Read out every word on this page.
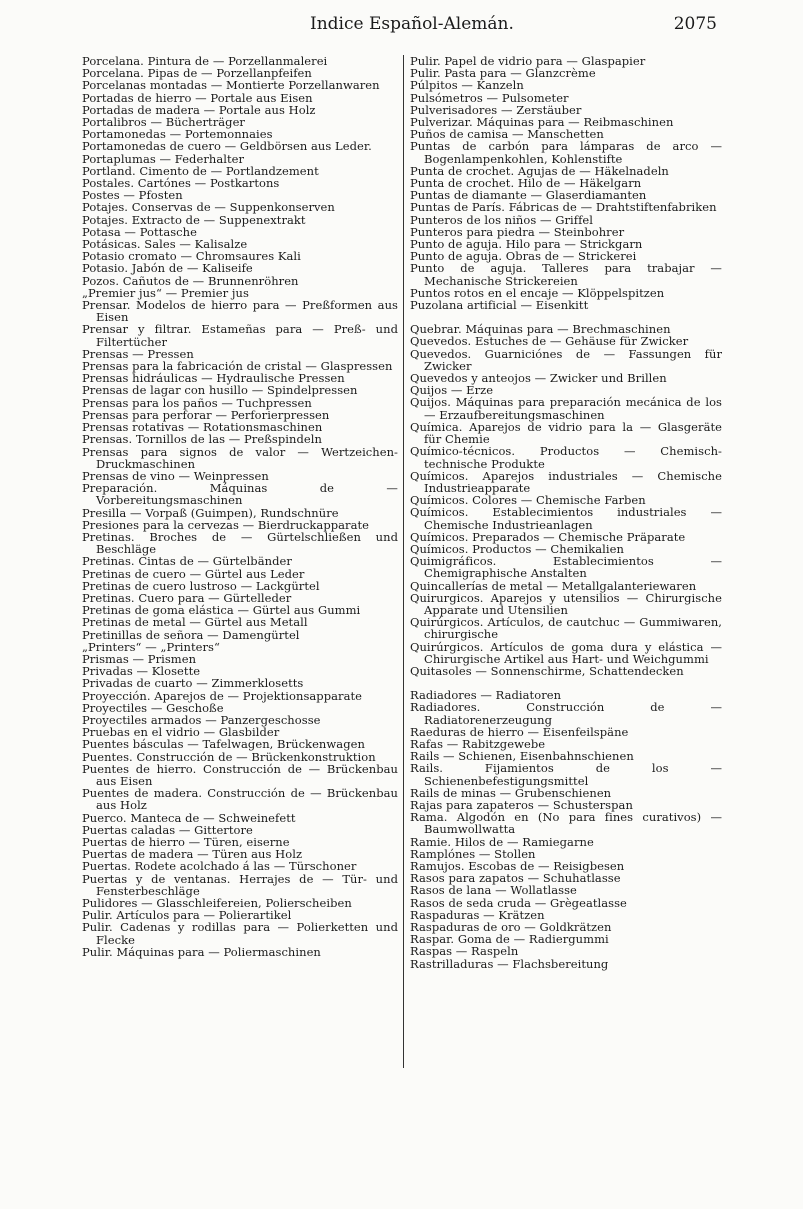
Indice Español-Alemán.	2075
Porcelana. Pintura de — Porzellanmalerei
Porcelana. Pipas de — Porzellanpfeifen
Porcelanas montadas — Montierte Porzellanwaren
Portadas de hierro — Portale aus Eisen
Portadas de madera — Portale aus Holz
Portalibros — Bücherträger
Portamonedas — Portemonnaies
Portamonedas de cuero — Geldbörsen aus Leder.
Portaplumas — Federhalter
Portland. Cimento de — Portlandzement
Postales. Cartónes — Postkartons
Postes — Pfosten
Potajes. Conservas de — Suppenkonserven
Potajes. Extracto de — Suppenextrakt
Potasa — Pottasche
Potásicas. Sales — Kalisalze
Potasio cromato — Chromsaures Kali
Potasio. Jabón de — Kaliseife
Pozos. Cañutos de — Brunnenröhren
„Premier jus“ — Premier jus
Prensar. Modelos de hierro para — Preßformen aus Eisen
Prensar y filtrar. Estameñas para — Preß- und Filtertücher
Prensas — Pressen
Prensas para la fabricación de cristal — Glaspressen
Prensas hidráulicas — Hydraulische Pressen
Prensas de lagar con husillo — Spindelpressen
Prensas para los paños — Tuchpressen
Prensas para perforar — Perforierpressen
Prensas rotativas — Rotationsmaschinen
Prensas. Tornillos de las — Preßspindeln
Prensas para signos de valor — Wertzeichen-Druckmaschinen
Prensas de vino — Weinpressen
Preparación. Máquinas de — Vorbereitungsmaschinen
Presilla — Vorpaß (Guimpen), Rundschnüre
Presiones para la cervezas — Bierdruckapparate
Pretinas. Broches de — Gürtelschließen und Beschläge
Pretinas. Cintas de — Gürtelbänder
Pretinas de cuero — Gürtel aus Leder
Pretinas de cuero lustroso — Lackgürtel
Pretinas. Cuero para — Gürtelleder
Pretinas de goma elástica — Gürtel aus Gummi
Pretinas de metal — Gürtel aus Metall
Pretinillas de señora — Damengürtel
„Printers“ — „Printers“
Prismas — Prismen
Privadas — Klosette
Privadas de cuarto — Zimmerklosetts
Proyección. Aparejos de — Projektionsapparate
Proyectiles — Geschoße
Proyectiles armados — Panzergeschosse
Pruebas en el vidrio — Glasbilder
Puentes básculas — Tafelwagen, Brückenwagen
Puentes. Construcción de — Brückenkonstruktion
Puentes de hierro. Construcción de — Brückenbau aus Eisen
Puentes de madera. Construcción de — Brückenbau aus Holz
Puerco. Manteca de — Schweinefett
Puertas caladas — Gittertore
Puertas de hierro — Türen, eiserne
Puertas de madera — Türen aus Holz
Puertas. Rodete acolchado á las — Türschoner
Puertas y de ventanas. Herrajes de — Tür- und Fensterbeschläge
Pulidores — Glasschleifereien, Polierscheiben
Pulir. Artículos para — Polierartikel
Pulir. Cadenas y rodillas para — Polierketten und Flecke
Pulir. Máquinas para — Poliermaschinen
Pulir. Papel de vidrio para — Glaspapier
Pulir. Pasta para — Glanzcrème
Púlpitos — Kanzeln
Pulsómetros — Pulsometer
Pulverisadores — Zerstäuber
Pulverizar. Máquinas para — Reibmaschinen
Puños de camisa — Manschetten
Puntas de carbón para lámparas de arco — Bogenlampenkohlen, Kohlenstifte
Punta de crochet. Agujas de — Häkelnadeln
Punta de crochet. Hilo de — Häkelgarn
Puntas de diamante — Glaserdiamanten
Puntas de París. Fábricas de — Drahtstiftenfabriken
Punteros de los niños — Griffel
Punteros para piedra — Steinbohrer
Punto de aguja. Hilo para — Strickgarn
Punto de aguja. Obras de — Strickerei
Punto de aguja. Talleres para trabajar — Mechanische Strickereien
Puntos rotos en el encaje — Klöppelspitzen
Puzolana artificial — Eisenkitt
Quebrar. Máquinas para — Brechmaschinen
Quevedos. Estuches de — Gehäuse für Zwicker
Quevedos. Guarniciónes de — Fassungen für Zwicker
Quevedos y anteojos — Zwicker und Brillen
Quijos — Erze
Quijos. Máquinas para preparación mecánica de los — Erzaufbereitungsmaschinen
Química. Aparejos de vidrio para la — Glasgeräte für Chemie
Químico-técnicos. Productos — Chemisch-technische Produkte
Químicos. Aparejos industriales — Chemische Industrieapparate
Químicos. Colores — Chemische Farben
Químicos. Establecimientos industriales — Chemische Industrieanlagen
Químicos. Preparados — Chemische Präparate
Químicos. Productos — Chemikalien
Quimigráficos. Establecimientos — Chemigraphische Anstalten
Quincallerías de metal — Metallgalanteriewaren
Quirurgicos. Aparejos y utensilios — Chirurgische Apparate und Utensilien
Quirúrgicos. Artículos, de cautchuc — Gummiwaren, chirurgische
Quirúrgicos. Artículos de goma dura y elástica — Chirurgische Artikel aus Hart- und Weichgummi
Quitasoles — Sonnenschirme, Schattendecken
Radiadores — Radiatoren
Radiadores. Construcción de — Radiatorenerzeugung
Raeduras de hierro — Eisenfeilspäne
Rafas — Rabitzgewebe
Rails — Schienen, Eisenbahnschienen
Rails. Fijamientos de los — Schienenbefestigungsmittel
Rails de minas — Grubenschienen
Rajas para zapateros — Schusterspan
Rama. Algodón en (No para fines curativos) — Baumwollwatta
Ramie. Hilos de — Ramiegarne
Ramplónes — Stollen
Ramujos. Escobas de — Reisigbesen
Rasos para zapatos — Schuhatlasse
Rasos de lana — Wollatlasse
Rasos de seda cruda — Grègeatlasse
Raspaduras — Krätzen
Raspaduras de oro — Goldkrätzen
Raspar. Goma de — Radiergummi
Raspas — Raspeln
Rastrilladuras — Flachsbereitung
